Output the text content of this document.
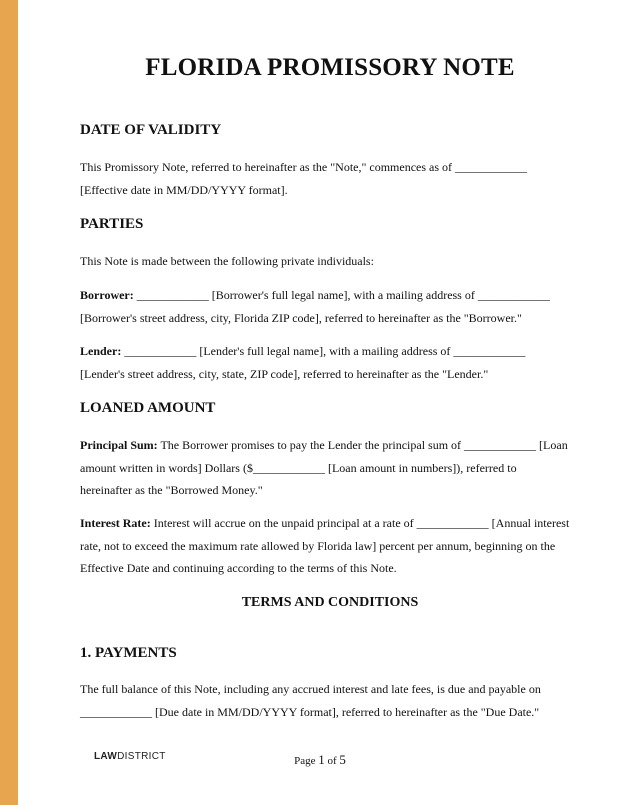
FLORIDA PROMISSORY NOTE
DATE OF VALIDITY
This Promissory Note, referred to hereinafter as the "Note," commences as of ____________
[Effective date in MM/DD/YYYY format].
PARTIES
This Note is made between the following private individuals:
Borrower: ____________ [Borrower's full legal name], with a mailing address of ____________
[Borrower's street address, city, Florida ZIP code], referred to hereinafter as the "Borrower."
Lender: ____________ [Lender's full legal name], with a mailing address of ____________
[Lender's street address, city, state, ZIP code], referred to hereinafter as the "Lender."
LOANED AMOUNT
Principal Sum: The Borrower promises to pay the Lender the principal sum of ____________ [Loan
amount written in words] Dollars ($____________ [Loan amount in numbers]), referred to
hereinafter as the "Borrowed Money."
Interest Rate: Interest will accrue on the unpaid principal at a rate of ____________ [Annual interest
rate, not to exceed the maximum rate allowed by Florida law] percent per annum, beginning on the
Effective Date and continuing according to the terms of this Note.
TERMS AND CONDITIONS
1. PAYMENTS
The full balance of this Note, including any accrued interest and late fees, is due and payable on
____________ [Due date in MM/DD/YYYY format], referred to hereinafter as the "Due Date."
LAWDISTRICT	Page 1 of 5
